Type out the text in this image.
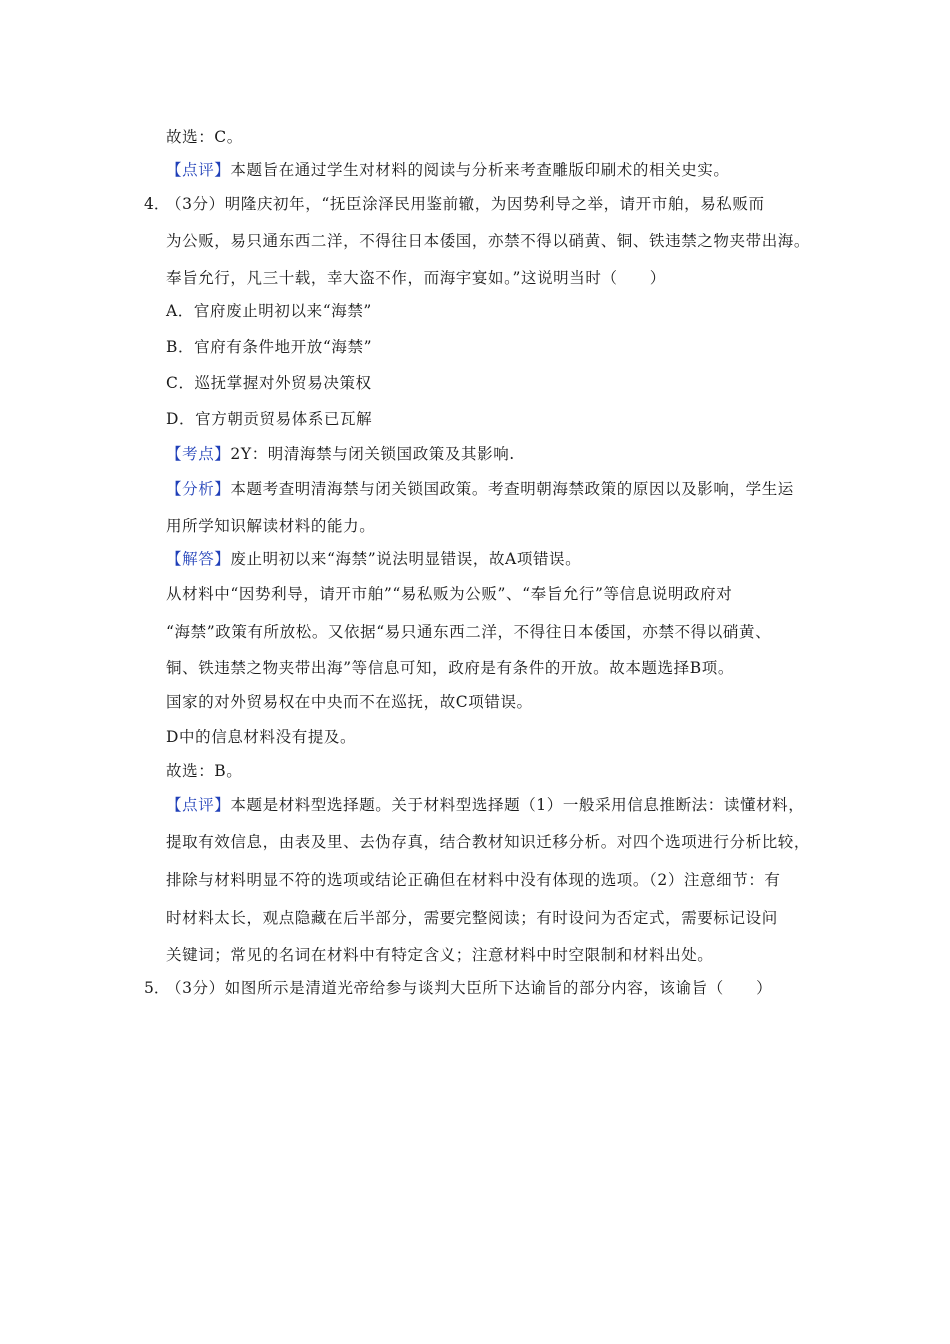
故选：C。
【点评】本题旨在通过学生对材料的阅读与分析来考查雕版印刷术的相关史实。
4．
（3分）明隆庆初年，“抚臣涂泽民用鉴前辙，为因势利导之举，请开市舶，易私贩而
为公贩，易只通东西二洋，不得往日本倭国，亦禁不得以硝黄、铜、铁违禁之物夹带出海。
奉旨允行，凡三十载，幸大盗不作，而海宇宴如。”这说明当时（　　）
A．官府废止明初以来“海禁”
B．官府有条件地开放“海禁”
C．巡抚掌握对外贸易决策权
D．官方朝贡贸易体系已瓦解
【考点】2Y：明清海禁与闭关锁国政策及其影响.
【分析】本题考查明清海禁与闭关锁国政策。考查明朝海禁政策的原因以及影响，学生运
用所学知识解读材料的能力。
【解答】废止明初以来“海禁”说法明显错误，故A项错误。
从材料中“因势利导，请开市舶”“易私贩为公贩”、“奉旨允行”等信息说明政府对
“海禁”政策有所放松。又依据“易只通东西二洋，不得往日本倭国，亦禁不得以硝黄、
铜、铁违禁之物夹带出海”等信息可知，政府是有条件的开放。故本题选择B项。
国家的对外贸易权在中央而不在巡抚，故C项错误。
D中的信息材料没有提及。
故选：B。
【点评】本题是材料型选择题。关于材料型选择题（1）一般采用信息推断法：读懂材料，
提取有效信息，由表及里、去伪存真，结合教材知识迁移分析。对四个选项进行分析比较，
排除与材料明显不符的选项或结论正确但在材料中没有体现的选项。（2）注意细节：有
时材料太长，观点隐藏在后半部分，需要完整阅读；有时设问为否定式，需要标记设问
关键词；常见的名词在材料中有特定含义；注意材料中时空限制和材料出处。
5．
（3分）如图所示是清道光帝给参与谈判大臣所下达谕旨的部分内容，该谕旨（　　）
